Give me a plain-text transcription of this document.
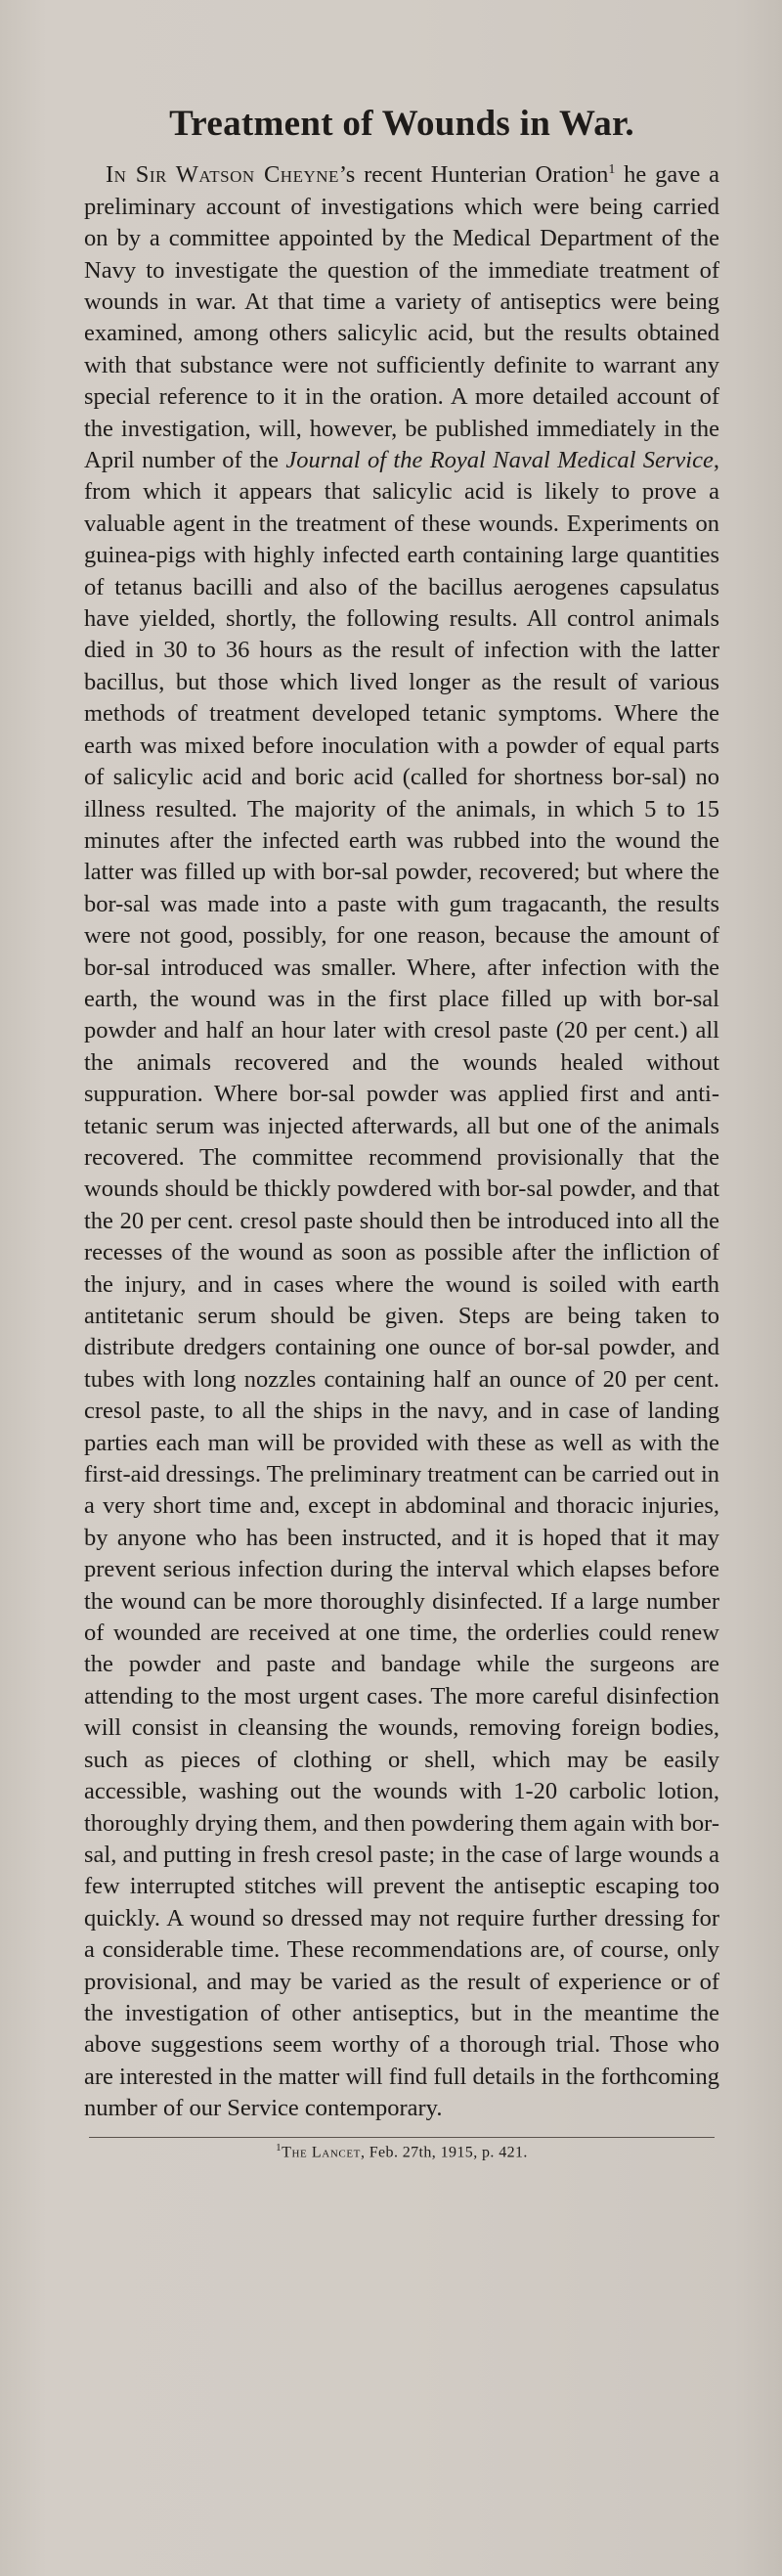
Treatment of Wounds in War.

In Sir Watson Cheyne’s recent Hunterian Oration$^1$ he gave a preliminary account of investigations which were being carried on by a committee appointed by the Medical Department of the Navy to investigate the question of the immediate treatment of wounds in war. At that time a variety of antiseptics were being examined, among others salicylic acid, but the results obtained with that substance were not sufficiently definite to warrant any special reference to it in the oration. A more detailed account of the investigation, will, however, be published immediately in the April number of the Journal of the Royal Naval Medical Service, from which it appears that salicylic acid is likely to prove a valuable agent in the treatment of these wounds. Experiments on guinea-pigs with highly infected earth containing large quantities of tetanus bacilli and also of the bacillus aerogenes capsulatus have yielded, shortly, the following results. All control animals died in 30 to 36 hours as the result of infection with the latter bacillus, but those which lived longer as the result of various methods of treatment developed tetanic symptoms. Where the earth was mixed before inoculation with a powder of equal parts of salicylic acid and boric acid (called for shortness bor-sal) no illness resulted. The majority of the animals, in which 5 to 15 minutes after the infected earth was rubbed into the wound the latter was filled up with bor-sal powder, recovered; but where the bor-sal was made into a paste with gum tragacanth, the results were not good, possibly, for one reason, because the amount of bor-sal introduced was smaller. Where, after infection with the earth, the wound was in the first place filled up with bor-sal powder and half an hour later with cresol paste (20 per cent.) all the animals recovered and the wounds healed without suppuration. Where bor-sal powder was applied first and anti-tetanic serum was injected afterwards, all but one of the animals recovered. The committee recommend provisionally that the wounds should be thickly powdered with bor-sal powder, and that the 20 per cent. cresol paste should then be introduced into all the recesses of the wound as soon as possible after the infliction of the injury, and in cases where the wound is soiled with earth antitetanic serum should be given. Steps are being taken to distribute dredgers containing one ounce of bor-sal powder, and tubes with long nozzles containing half an ounce of 20 per cent. cresol paste, to all the ships in the navy, and in case of landing parties each man will be provided with these as well as with the first-aid dressings. The preliminary treatment can be carried out in a very short time and, except in abdominal and thoracic injuries, by anyone who has been instructed, and it is hoped that it may prevent serious infection during the interval which elapses before the wound can be more thoroughly disinfected. If a large number of wounded are received at one time, the orderlies could renew the powder and paste and bandage while the surgeons are attending to the most urgent cases. The more careful disinfection will consist in cleansing the wounds, removing foreign bodies, such as pieces of clothing or shell, which may be easily accessible, washing out the wounds with 1-20 carbolic lotion, thoroughly drying them, and then powdering them again with bor-sal, and putting in fresh cresol paste; in the case of large wounds a few interrupted stitches will prevent the antiseptic escaping too quickly. A wound so dressed may not require further dressing for a considerable time. These recommendations are, of course, only provisional, and may be varied as the result of experience or of the investigation of other antiseptics, but in the meantime the above suggestions seem worthy of a thorough trial. Those who are interested in the matter will find full details in the forthcoming number of our Service contemporary.

$^1$The Lancet, Feb. 27th, 1915, p. 421.
